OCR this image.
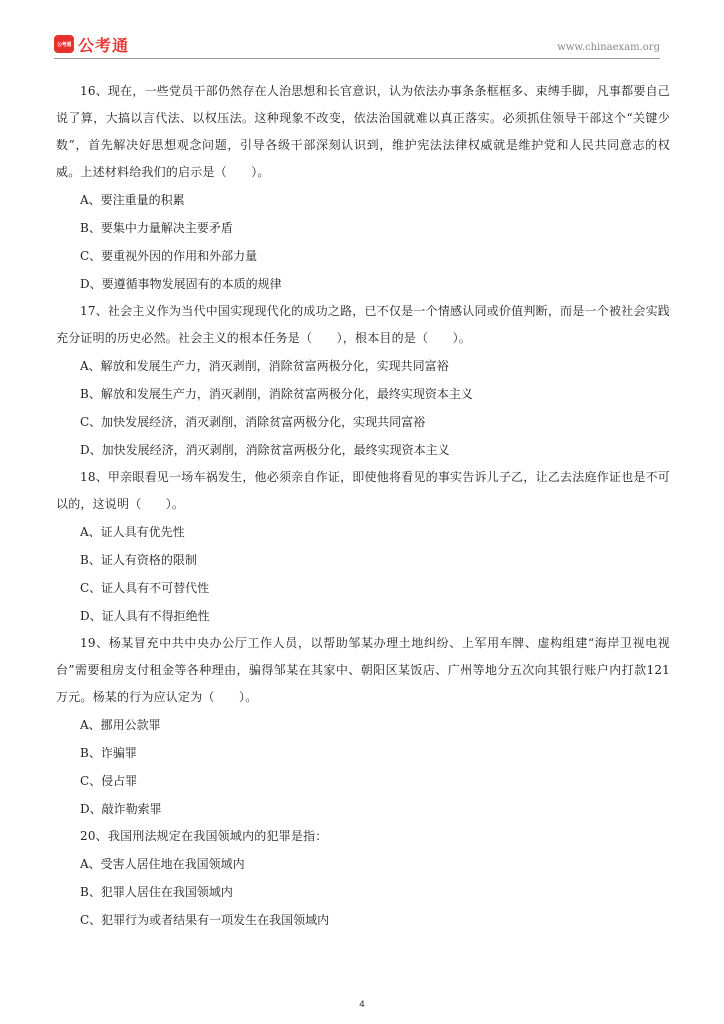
公考通 公考通	www.chinaexam.org

16、现在，一些党员干部仍然存在人治思想和长官意识，认为依法办事条条框框多、束缚手脚，凡事都要自己说了算，大搞以言代法、以权压法。这种现象不改变，依法治国就难以真正落实。必须抓住领导干部这个“关键少数”，首先解决好思想观念问题，引导各级干部深刻认识到，维护宪法法律权威就是维护党和人民共同意志的权威。上述材料给我们的启示是（　　）。

A、要注重量的积累

B、要集中力量解决主要矛盾

C、要重视外因的作用和外部力量

D、要遵循事物发展固有的本质的规律

17、社会主义作为当代中国实现现代化的成功之路，已不仅是一个情感认同或价值判断，而是一个被社会实践充分证明的历史必然。社会主义的根本任务是（　　），根本目的是（　　）。

A、解放和发展生产力，消灭剥削，消除贫富两极分化，实现共同富裕

B、解放和发展生产力，消灭剥削，消除贫富两极分化，最终实现资本主义

C、加快发展经济，消灭剥削，消除贫富两极分化，实现共同富裕

D、加快发展经济，消灭剥削，消除贫富两极分化，最终实现资本主义

18、甲亲眼看见一场车祸发生，他必须亲自作证，即使他将看见的事实告诉儿子乙，让乙去法庭作证也是不可以的，这说明（　　）。

A、证人具有优先性

B、证人有资格的限制

C、证人具有不可替代性

D、证人具有不得拒绝性

19、杨某冒充中共中央办公厅工作人员，以帮助邹某办理土地纠纷、上军用车牌、虚构组建“海岸卫视电视台”需要租房支付租金等各种理由，骗得邹某在其家中、朝阳区某饭店、广州等地分五次向其银行账户内打款121万元。杨某的行为应认定为（　　）。

A、挪用公款罪

B、诈骗罪

C、侵占罪

D、敲诈勒索罪

20、我国刑法规定在我国领域内的犯罪是指：

A、受害人居住地在我国领域内

B、犯罪人居住在我国领域内

C、犯罪行为或者结果有一项发生在我国领域内

4
